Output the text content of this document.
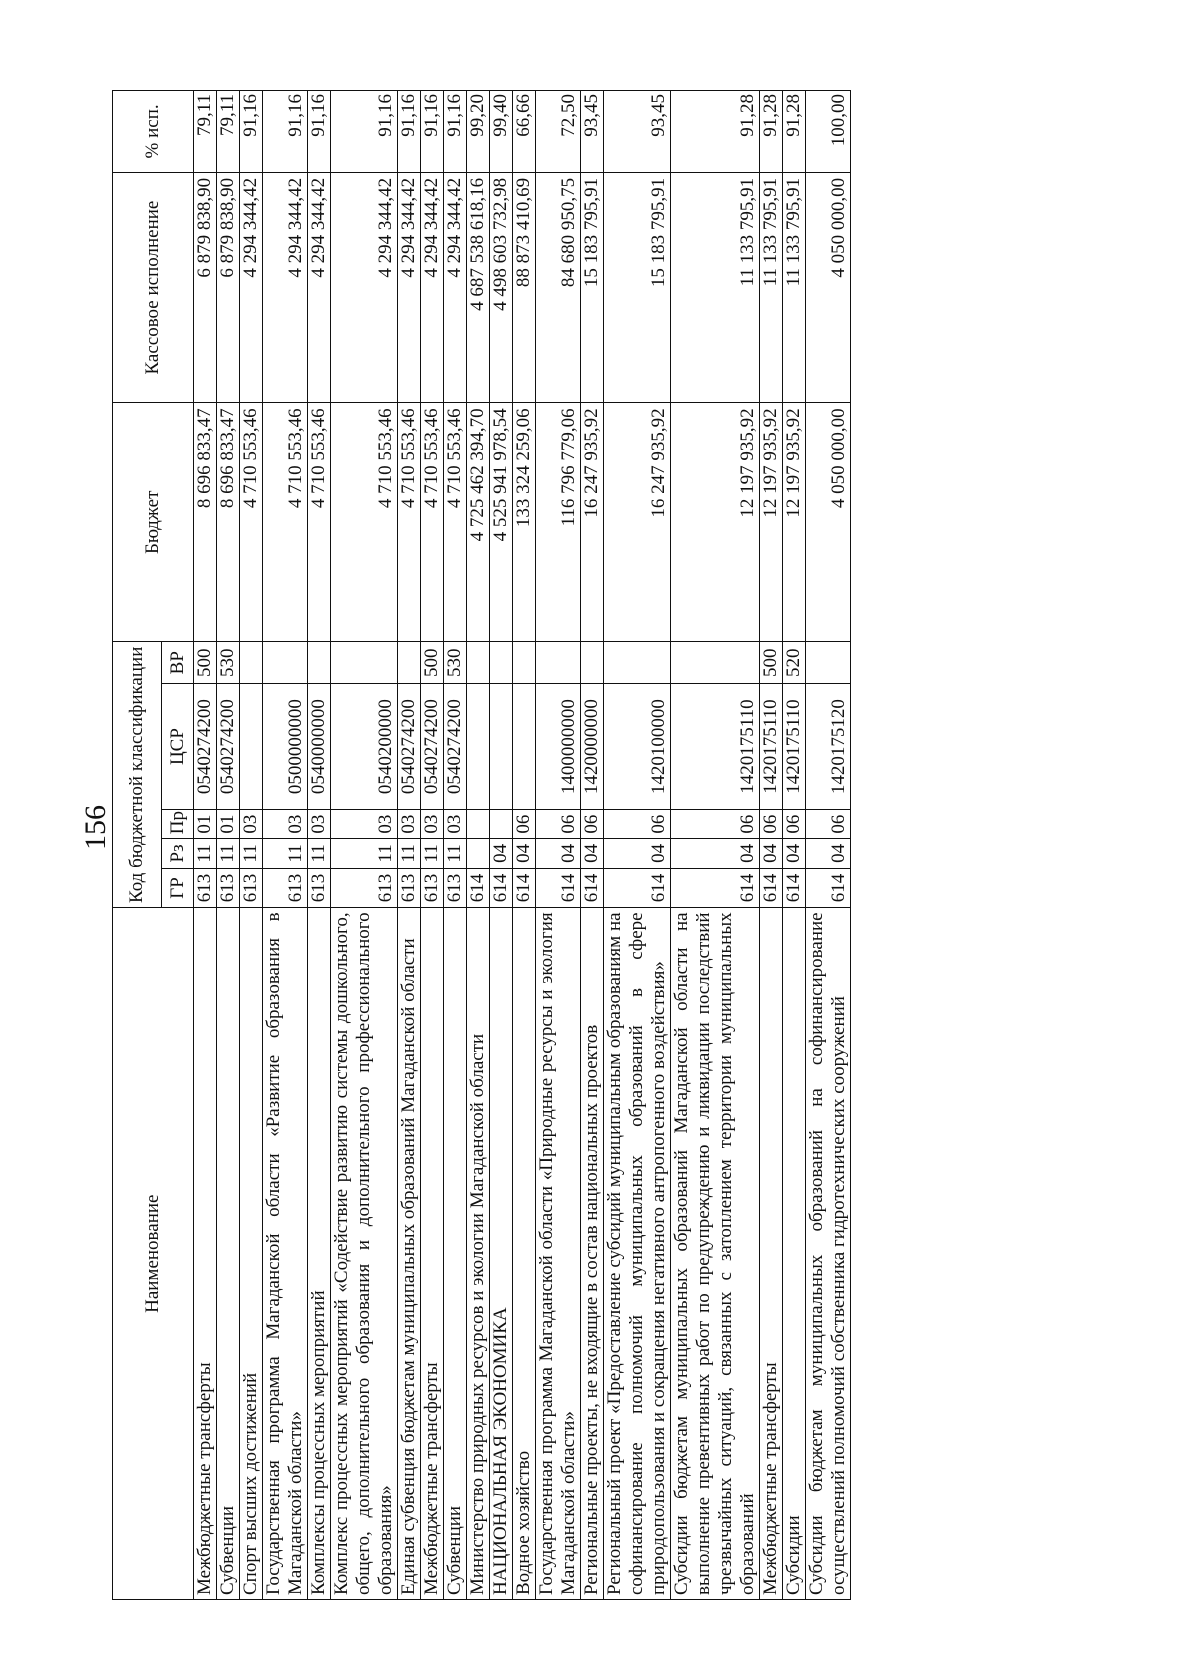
156
Наименование	Код бюджетной классификации					Бюджет	Кассовое исполнение	% исп.
	ГР	Рз	Пр	ЦСР	ВР			
Межбюджетные трансферты	613	11	01	0540274200	500	8 696 833,47	6 879 838,90	79,11
Субвенции	613	11	01	0540274200	530	8 696 833,47	6 879 838,90	79,11
Спорт высших достижений	613	11	03			4 710 553,46	4 294 344,42	91,16
Государственная программа Магаданской области «Развитие образования в Магаданской области»	613	11	03	0500000000		4 710 553,46	4 294 344,42	91,16
Комплексы процессных мероприятий	613	11	03	0540000000		4 710 553,46	4 294 344,42	91,16
Комплекс процессных мероприятий «Содействие развитию системы дошкольного, общего, дополнительного образования и дополнительного профессионального образования»	613	11	03	0540200000		4 710 553,46	4 294 344,42	91,16
Единая субвенция бюджетам муниципальных образований Магаданской области	613	11	03	0540274200		4 710 553,46	4 294 344,42	91,16
Межбюджетные трансферты	613	11	03	0540274200	500	4 710 553,46	4 294 344,42	91,16
Субвенции	613	11	03	0540274200	530	4 710 553,46	4 294 344,42	91,16
Министерство природных ресурсов и экологии Магаданской области	614					4 725 462 394,70	4 687 538 618,16	99,20
НАЦИОНАЛЬНАЯ ЭКОНОМИКА	614	04				4 525 941 978,54	4 498 603 732,98	99,40
Водное хозяйство	614	04	06			133 324 259,06	88 873 410,69	66,66
Государственная программа Магаданской области «Природные ресурсы и экология Магаданской области»	614	04	06	1400000000		116 796 779,06	84 680 950,75	72,50
Региональные проекты, не входящие в состав национальных проектов	614	04	06	1420000000		16 247 935,92	15 183 795,91	93,45
Региональный проект «Предоставление субсидий муниципальным образованиям на софинансирование полномочий муниципальных образований в сфере природопользования и сокращения негативного антропогенного воздействия»	614	04	06	1420100000		16 247 935,92	15 183 795,91	93,45
Субсидии бюджетам муниципальных образований Магаданской области на выполнение превентивных работ по предупреждению и ликвидации последствий чрезвычайных ситуаций, связанных с затоплением территории муниципальных образований	614	04	06	1420175110		12 197 935,92	11 133 795,91	91,28
Межбюджетные трансферты	614	04	06	1420175110	500	12 197 935,92	11 133 795,91	91,28
Субсидии	614	04	06	1420175110	520	12 197 935,92	11 133 795,91	91,28
Субсидии бюджетам муниципальных образований на софинансирование осуществлений полномочий собственника гидротехнических сооружений	614	04	06	1420175120		4 050 000,00	4 050 000,00	100,00
